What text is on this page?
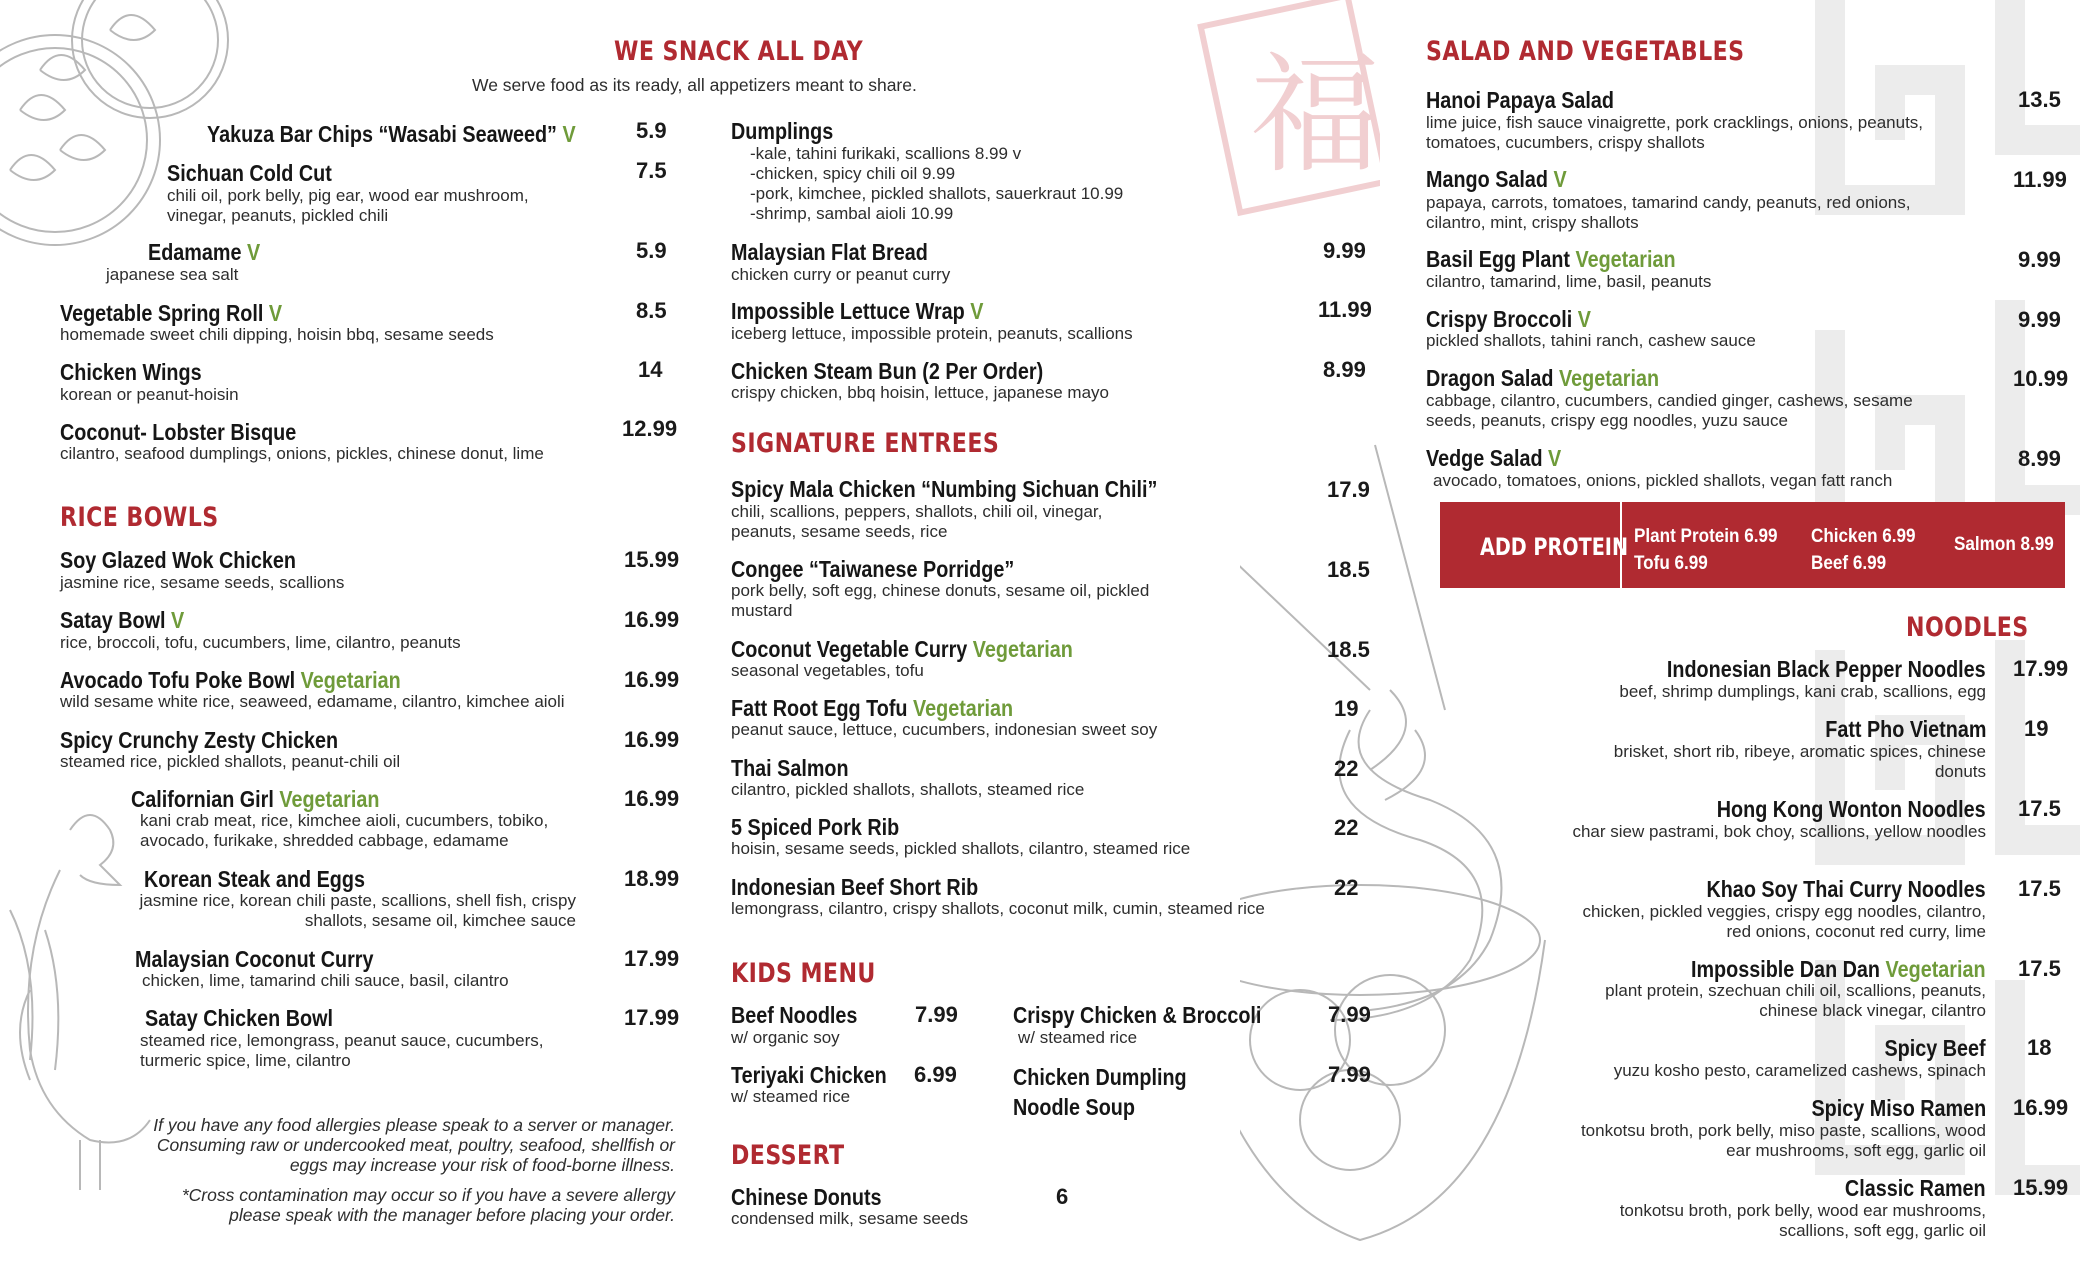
福
WE SNACK ALL DAY
We serve food as its ready, all appetizers meant to share.
Yakuza Bar Chips “Wasabi Seaweed” V	5.9
Sichuan Cold Cut	7.5
chili oil, pork belly, pig ear, wood ear mushroom, vinegar, peanuts, pickled chili
Edamame V	5.9
japanese sea salt
Vegetable Spring Roll V	8.5
homemade sweet chili dipping, hoisin bbq, sesame seeds
Chicken Wings	14
korean or peanut-hoisin
Coconut- Lobster Bisque	12.99
cilantro, seafood dumplings, onions, pickles, chinese donut, lime
RICE BOWLS
Soy Glazed Wok Chicken	15.99
jasmine rice, sesame seeds, scallions
Satay Bowl V	16.99
rice, broccoli, tofu, cucumbers, lime, cilantro, peanuts
Avocado Tofu Poke Bowl Vegetarian	16.99
wild sesame white rice, seaweed, edamame, cilantro, kimchee aioli
Spicy Crunchy Zesty Chicken	16.99
steamed rice, pickled shallots, peanut-chili oil
Californian Girl Vegetarian	16.99
kani crab meat, rice, kimchee aioli, cucumbers, tobiko, avocado, furikake, shredded cabbage, edamame
Korean Steak and Eggs	18.99
jasmine rice, korean chili paste, scallions, shell fish, crispy shallots, sesame oil, kimchee sauce
Malaysian Coconut Curry	17.99
chicken, lime, tamarind chili sauce, basil, cilantro
Satay Chicken Bowl	17.99
steamed rice, lemongrass, peanut sauce, cucumbers, turmeric spice, lime, cilantro
If you have any food allergies please speak to a server or manager. Consuming raw or undercooked meat, poultry, seafood, shellfish or eggs may increase your risk of food-borne illness.
*Cross contamination may occur so if you have a severe allergy please speak with the manager before placing your order.
Dumplings
-kale, tahini furikaki, scallions 8.99 v
-chicken, spicy chili oil 9.99
-pork, kimchee, pickled shallots, sauerkraut 10.99
-shrimp, sambal aioli 10.99
Malaysian Flat Bread	9.99
chicken curry or peanut curry
Impossible Lettuce Wrap V	11.99
iceberg lettuce, impossible protein, peanuts, scallions
Chicken Steam Bun (2 Per Order)	8.99
crispy chicken, bbq hoisin, lettuce, japanese mayo
SIGNATURE ENTREES
Spicy Mala Chicken “Numbing Sichuan Chili”	17.9
chili, scallions, peppers, shallots, chili oil, vinegar, peanuts, sesame seeds, rice
Congee “Taiwanese Porridge”	18.5
pork belly, soft egg, chinese donuts, sesame oil, pickled mustard
Coconut Vegetable Curry Vegetarian	18.5
seasonal vegetables, tofu
Fatt Root Egg Tofu Vegetarian	19
peanut sauce, lettuce, cucumbers, indonesian sweet soy
Thai Salmon	22
cilantro, pickled shallots, shallots, steamed rice
5 Spiced Pork Rib	22
hoisin, sesame seeds, pickled shallots, cilantro, steamed rice
Indonesian Beef Short Rib	22
lemongrass, cilantro, crispy shallots, coconut milk, cumin, steamed rice
KIDS MENU
Beef Noodles	7.99
w/ organic soy
Teriyaki Chicken 6.99
w/ steamed rice
Crispy Chicken & Broccoli	7.99
w/ steamed rice
Chicken Dumpling Noodle Soup
7.99
DESSERT
Chinese Donuts	6
condensed milk, sesame seeds
SALAD AND VEGETABLES
Hanoi Papaya Salad	13.5
lime juice, fish sauce vinaigrette, pork cracklings, onions, peanuts, tomatoes, cucumbers, crispy shallots
Mango Salad V	11.99
papaya, carrots, tomatoes, tamarind candy, peanuts, red onions, cilantro, mint, crispy shallots
Basil Egg Plant Vegetarian	9.99
cilantro, tamarind, lime, basil, peanuts
Crispy Broccoli V	9.99
pickled shallots, tahini ranch, cashew sauce
Dragon Salad Vegetarian	10.99
cabbage, cilantro, cucumbers, candied ginger, cashews, sesame seeds, peanuts, crispy egg noodles, yuzu sauce
Vedge Salad V	8.99
avocado, tomatoes, onions, pickled shallots, vegan fatt ranch
ADD PROTEIN Plant Protein 6.99
Tofu 6.99
Chicken 6.99
Beef 6.99
Salmon 8.99
NOODLES
Indonesian Black Pepper Noodles 17.99
beef, shrimp dumplings, kani crab, scallions, egg
Fatt Pho Vietnam 19
brisket, short rib, ribeye, aromatic spices, chinese donuts
Hong Kong Wonton Noodles 17.5
char siew pastrami, bok choy, scallions, yellow noodles
Khao Soy Thai Curry Noodles 17.5
chicken, pickled veggies, crispy egg noodles, cilantro, red onions, coconut red curry, lime
Impossible Dan Dan Vegetarian 17.5
plant protein, szechuan chili oil, scallions, peanuts, chinese black vinegar, cilantro
Spicy Beef 18
yuzu kosho pesto, caramelized cashews, spinach
Spicy Miso Ramen 16.99
tonkotsu broth, pork belly, miso paste, scallions, wood ear mushrooms, soft egg, garlic oil
Classic Ramen 15.99
tonkotsu broth, pork belly, wood ear mushrooms, scallions, soft egg, garlic oil
